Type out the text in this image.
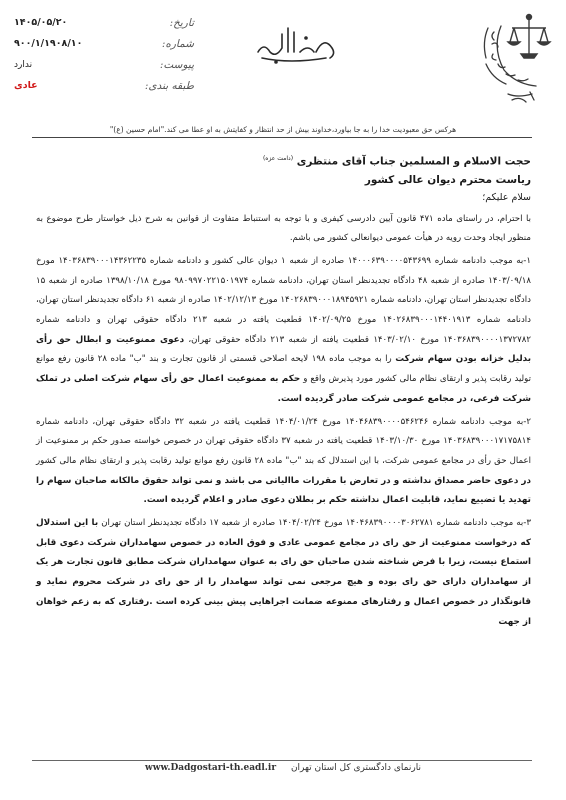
تاریخ:
۱۴۰۵/۰۵/۲۰
شماره:
۹۰۰/۱/۱۹۰۸/۱۰
پیوست:
ندارد
طبقه بندی:
عادی
هرکس حق معبودیت خدا را به جا بیاورد،خداوند بیش از حد انتظار و کفایتش به او عطا می کند."امام حسین (ع)"
حجت الاسلام و المسلمین جناب آقای منتظری $^{(دامت عزه)}$
ریاست محترم دیوان عالی کشور
سلام علیکم؛

با احترام، در راستای ماده ۴۷۱ قانون آیین دادرسی کیفری و با توجه به استنباط متفاوت از قوانین به شرح ذیل خواستار طرح موضوع به منظور ایجاد وحدت رویه در هیأت عمومی دیوانعالی کشور می باشم.

۱-به موجب دادنامه شماره ۱۴۰۰۰۶۳۹۰۰۰۰۵۴۳۶۹۹ صادره از شعبه ۱ دیوان عالی کشور و دادنامه شماره ۱۴۰۳۶۸۳۹۰۰۰۱۴۳۶۲۲۳۵ مورخ ۱۴۰۳/۰۹/۱۸ صادره از شعبه ۴۸ دادگاه تجدیدنظر استان تهران، دادنامه شماره ۹۸۰۹۹۷۰۲۲۱۵۰۱۹۷۴ مورخ ۱۳۹۸/۱۰/۱۸ صادره از شعبه ۱۵ دادگاه تجدیدنظر استان تهران، دادنامه شماره ۱۴۰۲۶۸۳۹۰۰۰۱۸۹۴۵۹۲۱ مورخ ۱۴۰۲/۱۲/۱۳ صادره از شعبه ۶۱ دادگاه تجدیدنظر استان تهران، دادنامه شماره ۱۴۰۲۶۸۳۹۰۰۰۱۴۴۰۱۹۱۳ مورخ ۱۴۰۲/۰۹/۲۵ قطعیت یافته در شعبه ۲۱۳ دادگاه حقوقی تهران و دادنامه شماره ۱۴۰۳۶۸۳۹۰۰۰۰۱۳۷۲۷۸۲ مورخ ۱۴۰۳/۰۲/۱۰ قطعیت یافته از شعبه ۲۱۳ دادگاه حقوقی تهران، دعوی ممنوعیت و ابطال حق رأی بدلیل خزانه بودن سهام شرکت را به موجب ماده ۱۹۸ لایحه اصلاحی قسمتی از قانون تجارت و بند "ب" ماده ۲۸ قانون رفع موانع تولید رقابت پذیر و ارتقای نظام مالی کشور مورد پذیرش واقع و حکم به ممنوعیت اعمال حق رأی سهام شرکت اصلی در تملک شرکت فرعی، در مجامع عمومی شرکت صادر گردیده است.

۲-به موجب دادنامه شماره ۱۴۰۴۶۸۳۹۰۰۰۰۵۴۶۲۴۶ مورخ ۱۴۰۴/۰۱/۲۴ قطعیت یافته در شعبه ۳۲ دادگاه حقوقی تهران، دادنامه شماره ۱۴۰۳۶۸۳۹۰۰۰۱۷۱۷۵۸۱۴ مورخ ۱۴۰۳/۱۰/۳۰ قطعیت یافته در شعبه ۳۷ دادگاه حقوقی تهران در خصوص خواسته صدور حکم بر ممنوعیت از اعمال حق رأی در مجامع عمومی شرکت، با این استدلال که بند "ب" ماده ۲۸ قانون رفع موانع تولید رقابت پذیر و ارتقای نظام مالی کشور در دعوی حاضر مصداق نداشته و در تعارض با مقررات ماالیاتی می باشد و نمی تواند حقوق مالکانه صاحبان سهام را تهدید یا تضییع نماید، قابلیت اعمال نداشته حکم بر بطلان دعوی صادر و اعلام گردیده است.

۳-به موجب دادنامه شماره ۱۴۰۴۶۸۳۹۰۰۰۰۳۰۶۲۷۸۱ مورخ ۱۴۰۴/۰۲/۲۴ صادره از شعبه ۱۷ دادگاه تجدیدنظر استان تهران با این استدلال که درخواست ممنوعیت از حق رای در مجامع عمومی عادی و فوق العاده در خصوص سهامداران شرکت دعوی قابل استماع نیست، زیرا با فرض شناخته شدن صاحبان حق رای به عنوان سهامداران شرکت مطابق قانون تجارت هر یک از سهامداران دارای حق رای بوده و هیچ مرجعی نمی تواند سهامدار را از حق رای در شرکت محروم نماید و قانونگذار در خصوص اعمال و رفتارهای ممنوعه ضمانت اجراهایی پیش بینی کرده است .رفتاری که به زعم خواهان از جهت

نارنمای دادگستری کل استان تهران www.Dadgostari-th.eadl.ir
